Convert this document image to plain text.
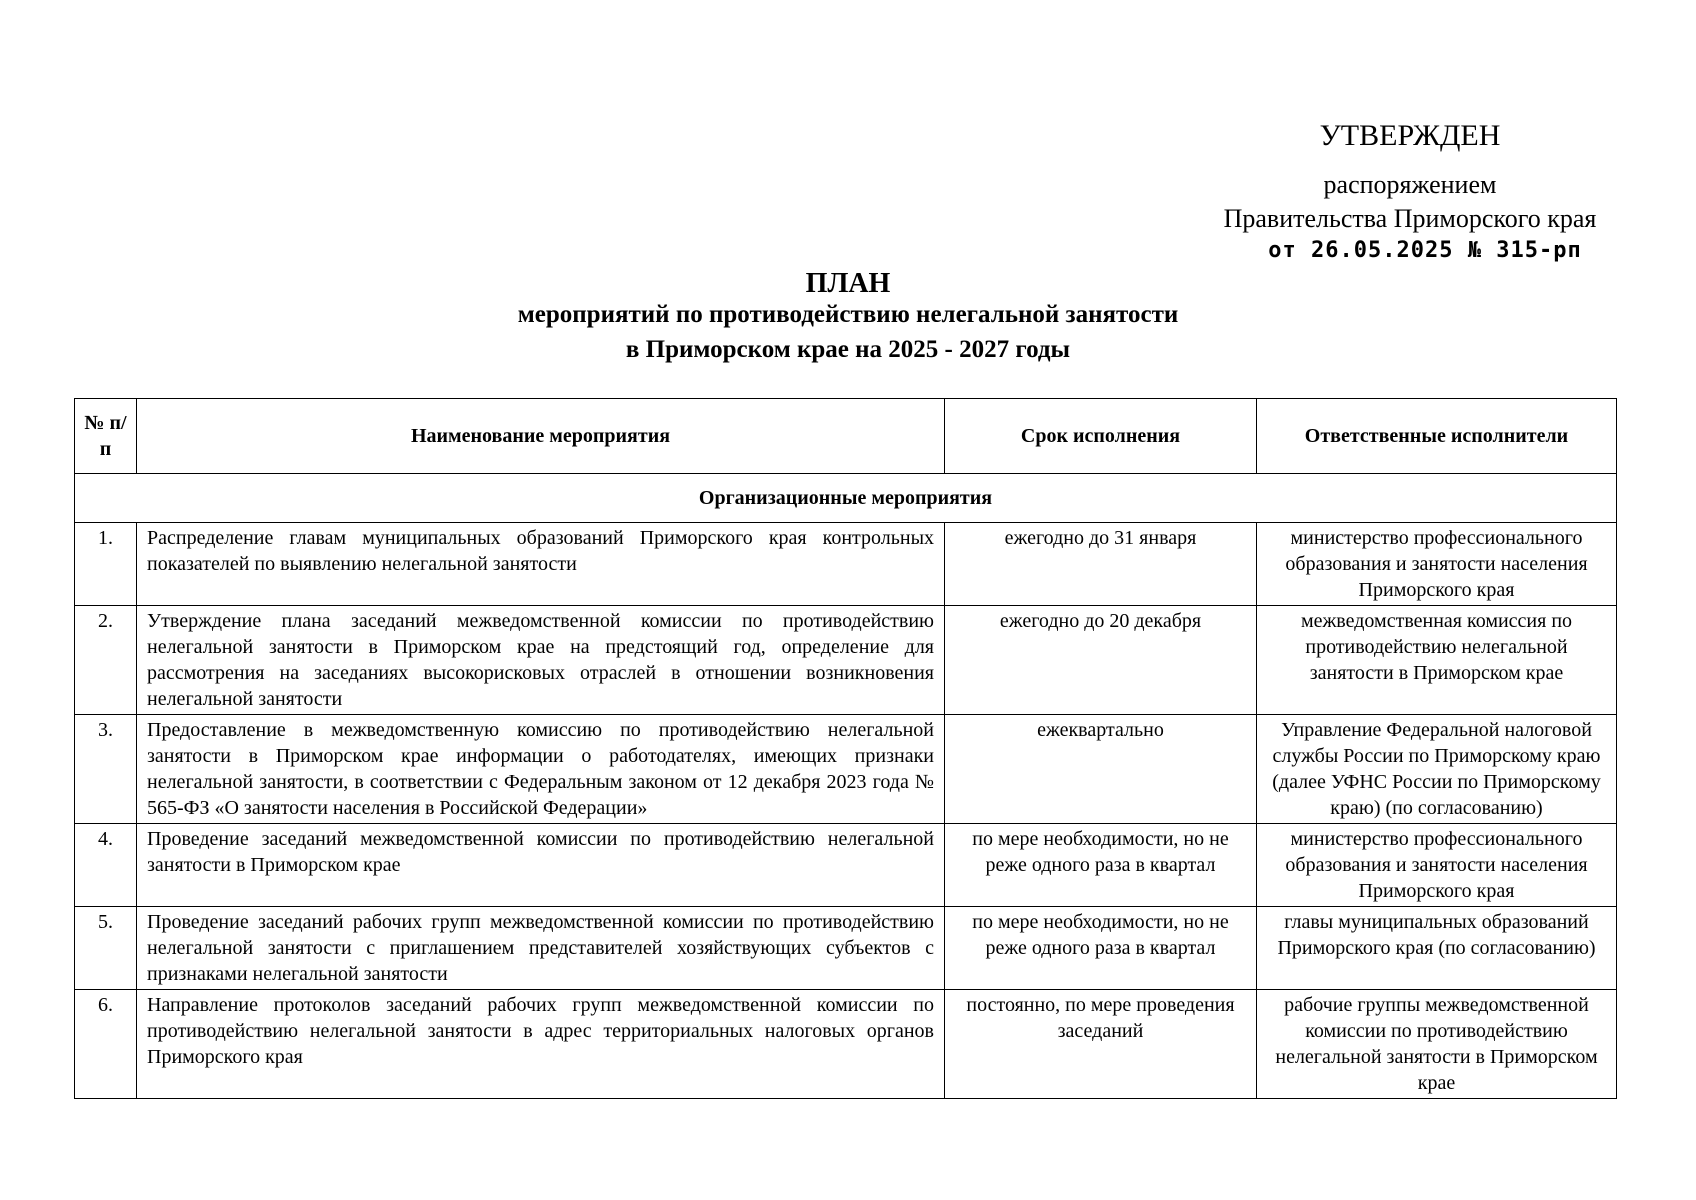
УТВЕРЖДЕН
распоряжением
Правительства Приморского края
от 26.05.2025 № 315-рп
ПЛАН
мероприятий по противодействию нелегальной занятости
в Приморском крае на 2025 - 2027 годы
№ п/п	Наименование мероприятия	Срок исполнения	Ответственные исполнители
Организационные мероприятия			
1.	Распределение главам муниципальных образований Приморского края контрольных показателей по выявлению нелегальной занятости	ежегодно до 31 января	министерство профессионального образования и занятости населения Приморского края
2.	Утверждение плана заседаний межведомственной комиссии по противодействию нелегальной занятости в Приморском крае на предстоящий год, определение для рассмотрения на заседаниях высокорисковых отраслей в отношении возникновения нелегальной занятости	ежегодно до 20 декабря	межведомственная комиссия по противодействию нелегальной занятости в Приморском крае
3.	Предоставление в межведомственную комиссию по противодействию нелегальной занятости в Приморском крае информации о работодателях, имеющих признаки нелегальной занятости, в соответствии с Федеральным законом от 12 декабря 2023 года № 565-ФЗ «О занятости населения в Российской Федерации»	ежеквартально	Управление Федеральной налоговой службы России по Приморскому краю (далее УФНС России по Приморскому краю) (по согласованию)
4.	Проведение заседаний межведомственной комиссии по противодействию нелегальной занятости в Приморском крае	по мере необходимости, но не реже одного раза в квартал	министерство профессионального образования и занятости населения Приморского края
5.	Проведение заседаний рабочих групп межведомственной комиссии по противодействию нелегальной занятости с приглашением представителей хозяйствующих субъектов с признаками нелегальной занятости	по мере необходимости, но не реже одного раза в квартал	главы муниципальных образований Приморского края (по согласованию)
6.	Направление протоколов заседаний рабочих групп межведомственной комиссии по противодействию нелегальной занятости в адрес территориальных налоговых органов Приморского края	постоянно, по мере проведения заседаний	рабочие группы межведомственной комиссии по противодействию нелегальной занятости в Приморском крае
